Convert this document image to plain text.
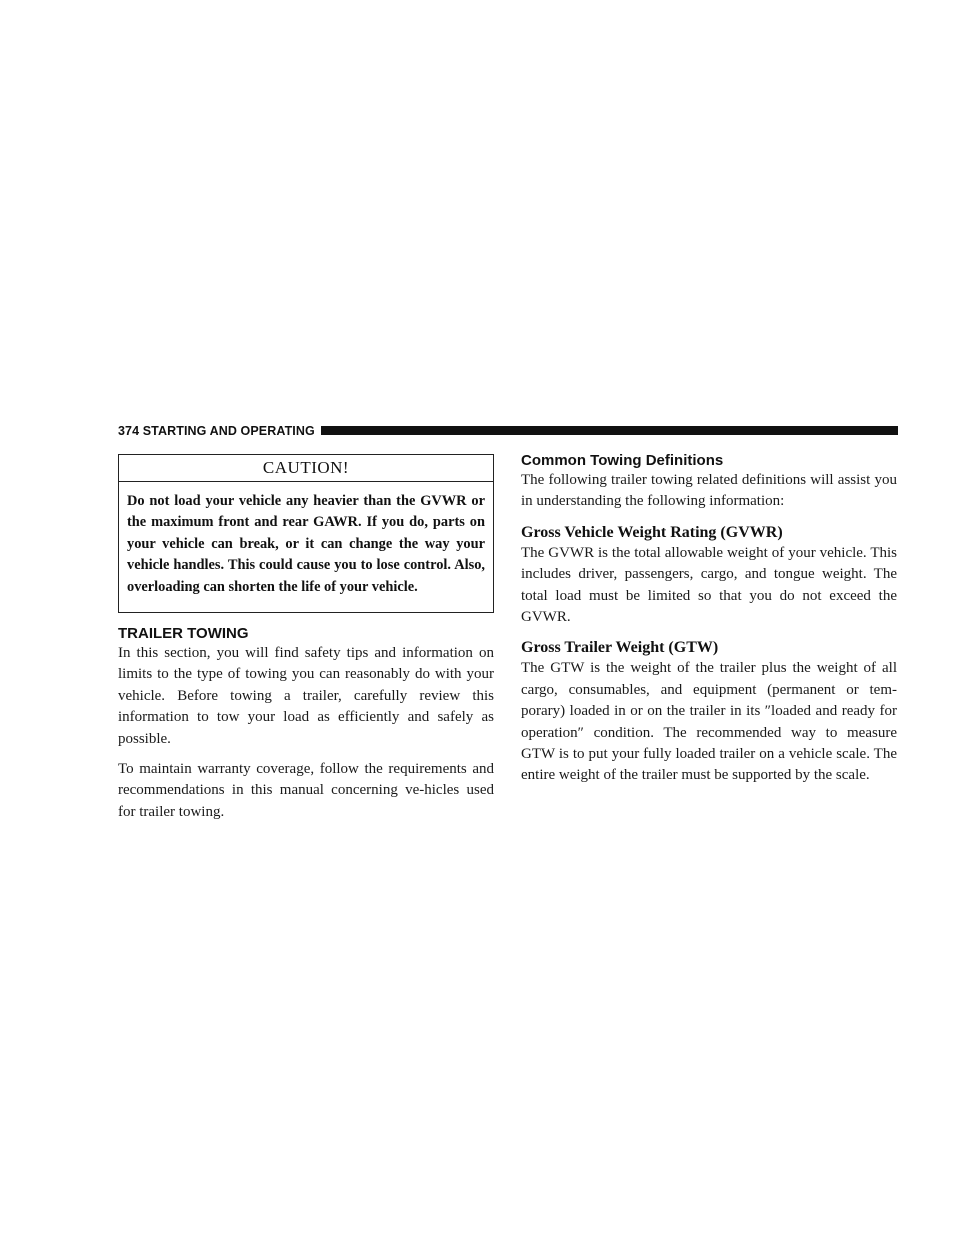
374 STARTING AND OPERATING
CAUTION!
Do not load your vehicle any heavier than the GVWR or the maximum front and rear GAWR. If you do, parts on your vehicle can break, or it can change the way your vehicle handles. This could cause you to lose control. Also, overloading can shorten the life of your vehicle.
TRAILER TOWING

In this section, you will find safety tips and information on limits to the type of towing you can reasonably do with your vehicle. Before towing a trailer, carefully review this information to tow your load as efficiently and safely as possible.

To maintain warranty coverage, follow the requirements and recommendations in this manual concerning ve-hicles used for trailer towing.

Common Towing Definitions

The following trailer towing related definitions will assist you in understanding the following information:

Gross Vehicle Weight Rating (GVWR)

The GVWR is the total allowable weight of your vehicle. This includes driver, passengers, cargo, and tongue weight. The total load must be limited so that you do not exceed the GVWR.

Gross Trailer Weight (GTW)

The GTW is the weight of the trailer plus the weight of all cargo, consumables, and equipment (permanent or tem-porary) loaded in or on the trailer in its ″loaded and ready for operation″ condition. The recommended way to measure GTW is to put your fully loaded trailer on a vehicle scale. The entire weight of the trailer must be supported by the scale.
